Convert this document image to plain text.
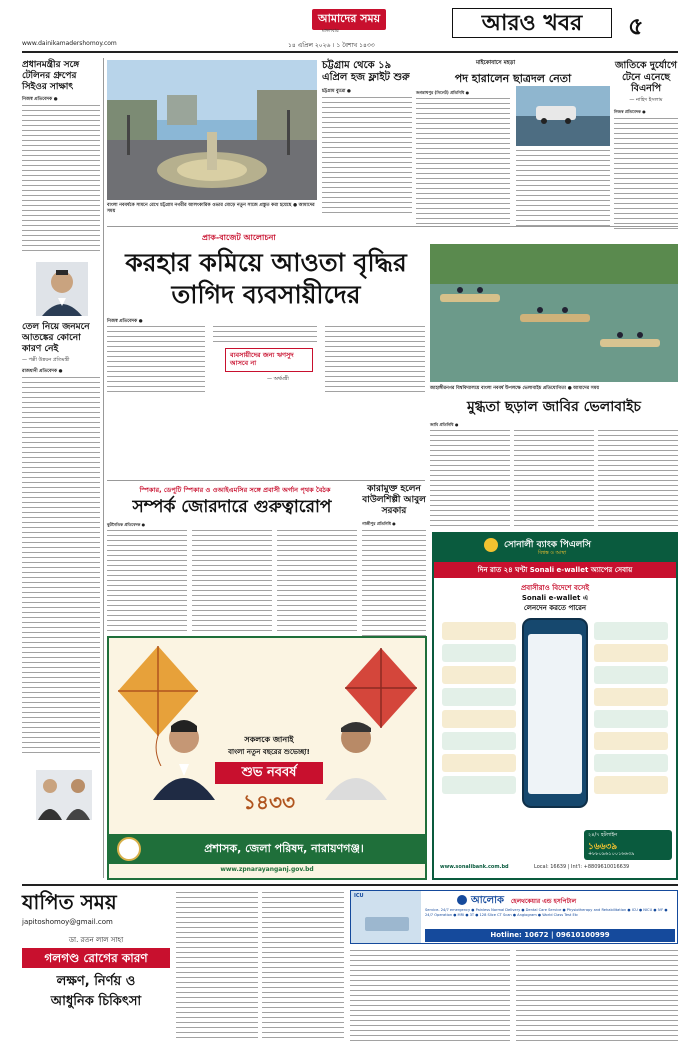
আমাদের সময়
মঙ্গলবার
১৪ এপ্রিল ২০২৬ । ১ বৈশাখ ১৪৩৩
www.dainikamadershomoy.com
আরও খবর	৫
প্রধানমন্ত্রীর সঙ্গে টেলিনর গ্রুপের সিইওর সাক্ষাৎ
নিজস্ব প্রতিবেদক ●
তেল নিয়ে জনমনে আতঙ্কের কোনো কারণ নেই
— পল্লী উন্নয়ন প্রতিমন্ত্রী
রাজধানী প্রতিবেদক ●
বাংলা নববর্ষকে সামনে রেখে চট্টগ্রাম নগরীর আলংকারিক ওভার মোড়ে নতুন সাজে প্রস্তুত করা হয়েছে ● আমাদের সময়
চট্টগ্রাম থেকে ১৯ এপ্রিল হজ ফ্লাইট শুরু
চট্টগ্রাম ব্যুরো ●
মাইকোবাসে মহড়া
পদ হারালেন ছাত্রদল নেতা
জগন্নাথপুর (সিলেট) প্রতিনিধি ●
জাতিকে দুর্যোগে টেনে এনেছে বিএনপি
— নাহিদ ইসলাম
নিজস্ব প্রতিবেদক ●
প্রাক-বাজেট আলোচনা
করহার কমিয়ে আওতা বৃদ্ধির
তাগিদ ব্যবসায়ীদের
নিজস্ব প্রতিবেদক ●
ব্যবসায়ীদের জন্য ঋণসুদ আসবে না
— অর্থমন্ত্রী
জাহাঙ্গীরনগর বিশ্ববিদ্যালয়ে বাংলা নববর্ষ উপলক্ষে ভেলাবাইচ প্রতিযোগিতা ● আমাদের সময়
মুগ্ধতা ছড়াল জাবির ভেলাবাইচ
জাবি প্রতিনিধি ●
স্পিকার, ডেপুটি স্পিকার ও ওআইএমসির সঙ্গে প্রবাসী অর্গান পৃথক বৈঠক
সম্পর্ক জোরদারে গুরুত্বারোপ
কূটনৈতিক প্রতিবেদক ●
কারামুক্ত হলেন বাউলশিল্পী আবুল সরকার
গাজীপুর প্রতিনিধি ●
সকলকে জানাই
বাংলা নতুন বছরের শুভেচ্ছা!
শুভ নববর্ষ
১৪৩৩
প্রশাসক, জেলা পরিষদ, নারায়ণগঞ্জ।
www.zpnarayanganj.gov.bd
সোনালী ব্যাংক পিএলসি
বিশ্বস্ত ও আস্থা
দিন রাত ২৪ ঘণ্টা Sonali e-wallet অ্যাপের সেবায়
প্রবাসীরাও বিদেশে বসেই
Sonali e-wallet এ
লেনদেন করতে পারেন
২৪/৭ হটলাইন
১৬৬৩৯
+৮৮০৯৬১০০১৬৬৩৯
www.sonalibank.com.bd	Local: 16639 | Int'l: +8809610016639
যাপিত সময়
japitoshomoy@gmail.com
ডা. রতন লাল সাহা
গলগণ্ড রোগের কারণ
লক্ষণ, নির্ণয় ও
আধুনিক চিকিৎসা
ICU	আলোক হেলথকেয়ার এন্ড হসপিটাল
Service- 24/7 emergency ● Painless Normal Delivery ● Dental Care Service ● Physiotherapy and Rehabilitation ● ICU ● NICU ● IVF ● 24/7 Operation ● MRI ● 3T ● 128 Slice CT Scan ● Angiogram ● World Class Test Etc
Hotline: 10672 | 09610100999
